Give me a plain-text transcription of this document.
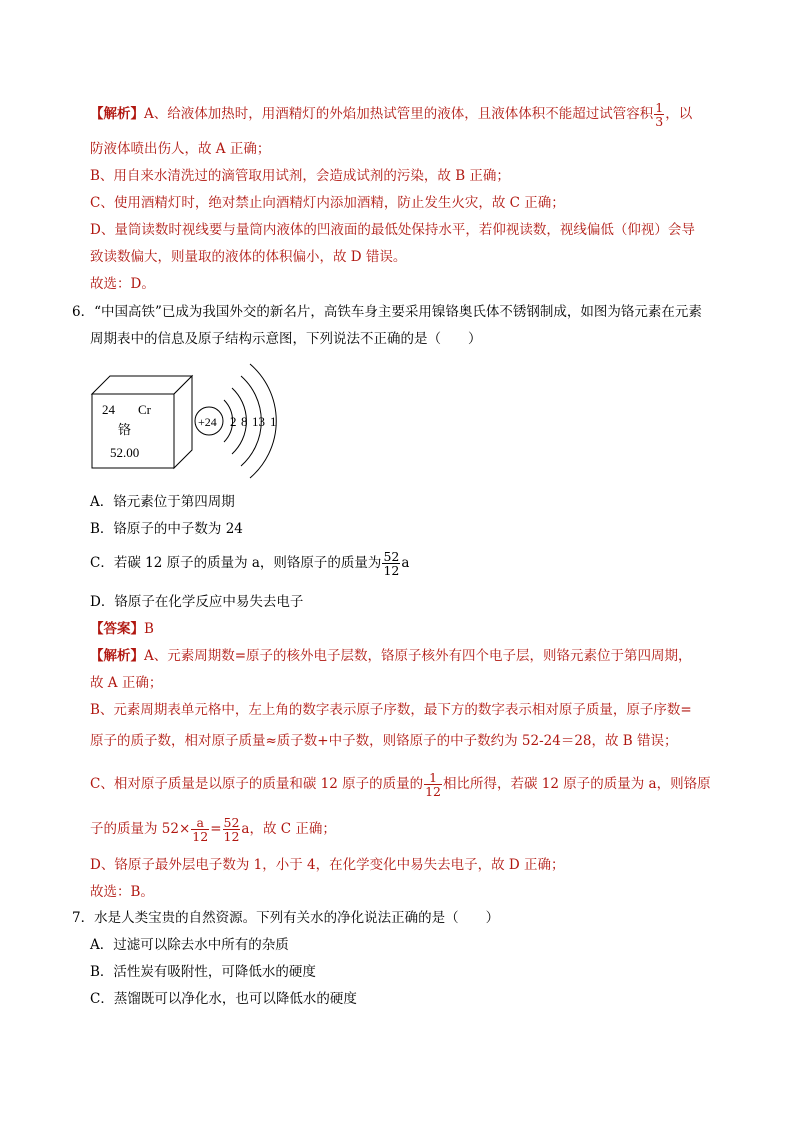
【解析】A、给液体加热时，用酒精灯的外焰加热试管里的液体，且液体体积不能超过试管容积 $\frac{1}{3}$ ，以
防液体喷出伤人，故 A 正确；
B、用自来水清洗过的滴管取用试剂，会造成试剂的污染，故 B 正确；
C、使用酒精灯时，绝对禁止向酒精灯内添加酒精，防止发生火灾，故 C 正确；
D、量筒读数时视线要与量筒内液体的凹液面的最低处保持水平，若仰视读数，视线偏低（仰视）会导
致读数偏大，则量取的液体的体积偏小，故 D 错误。
故选：D。
6．“中国高铁”已成为我国外交的新名片，高铁车身主要采用镍铬奥氏体不锈钢制成，如图为铬元素在元素
周期表中的信息及原子结构示意图，下列说法不正确的是（　　）
24 Cr
铬
52.00
+24 2 8 13 1
A．铬元素位于第四周期
B．铬原子的中子数为 24
C．若碳 12 原子的质量为 a，则铬原子的质量为 $\frac{52}{12}$ a
D．铬原子在化学反应中易失去电子
【答案】B
【解析】A、元素周期数=原子的核外电子层数，铬原子核外有四个电子层，则铬元素位于第四周期，
故 A 正确；
B、元素周期表单元格中，左上角的数字表示原子序数，最下方的数字表示相对原子质量，原子序数=
原子的质子数，相对原子质量≈质子数+中子数，则铬原子的中子数约为 52-24＝28，故 B 错误；
C、相对原子质量是以原子的质量和碳 12 原子的质量的 $\frac{1}{12}$ 相比所得，若碳 12 原子的质量为 a，则铬原
子的质量为 $52\times \frac{a}{12} = \frac{52}{12}$ a，故 C 正确；
D、铬原子最外层电子数为 1，小于 4，在化学变化中易失去电子，故 D 正确；
故选：B。
7．水是人类宝贵的自然资源。下列有关水的净化说法正确的是（　　）
A．过滤可以除去水中所有的杂质
B．活性炭有吸附性，可降低水的硬度
C．蒸馏既可以净化水，也可以降低水的硬度
